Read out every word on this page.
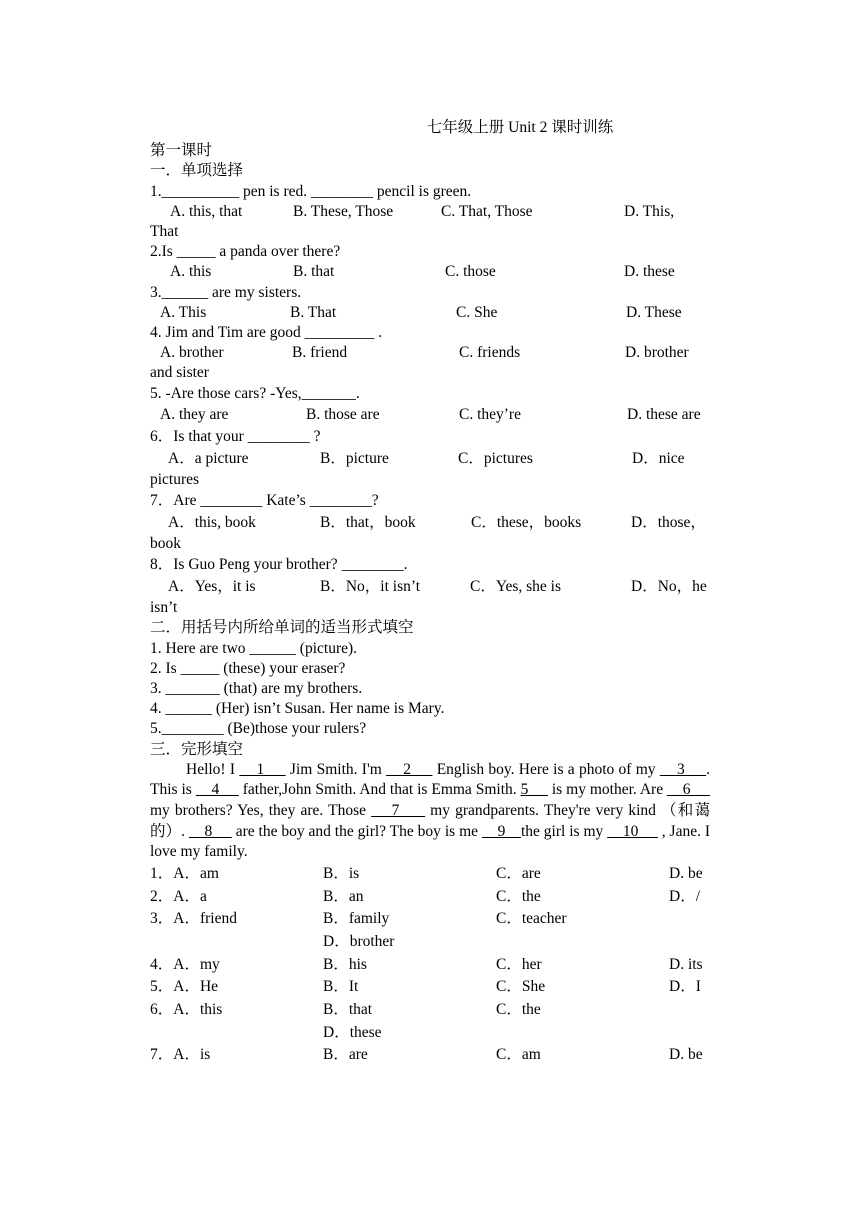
七年级上册 Unit 2 课时训练
第一课时
一．单项选择
1.__________ pen is red. ________ pencil is green.
A. this, that	B. These, Those	C. That, Those	D. This,
That
2.Is _____ a panda over there?
A. this	B. that	C. those	D. these
3.______ are my sisters.
A. This	B. That	C. She	D. These
4. Jim and Tim are good _________ .
A. brother	B. friend	C. friends	D. brother
and sister
5. -Are those cars? -Yes,_______.
A. they are	B. those are	C. they’re	D. these are
6．Is that your ________ ?
A．a picture	B．picture	C．pictures	D．nice
pictures
7．Are ________ Kate’s ________?
A．this, book	B．that，book	C．these，books	D．those，
book
8．Is Guo Peng your brother? ________.
A．Yes，it is	B．No，it isn’t	C．Yes, she is	D．No，he
isn’t
二．用括号内所给单词的适当形式填空
1. Here are two ______ (picture).
2. Is _____ (these) your eraser?
3. _______ (that) are my brothers.
4. ______ (Her) isn’t Susan. Her name is Mary.
5.________ (Be)those your rulers?
三．完形填空
Hello! I     1      Jim Smith. I'm     2      English boy. Here is a photo of my     3     . This is     4      father,John Smith. And that is Emma Smith. 5      is my mother. Are     6      my brothers? Yes, they are. Those     7      my grandparents. They're very kind （和蔼的）.     8      are the boy and the girl? The boy is me     9    the girl is my     10      , Jane. I love my family.
1．A．am	B．is	C．are	D. be
2．A．a	B．an	C．the	D．/
3．A．friend	B．family	C．teacher
D．brother
4．A．my	B．his	C．her	D. its
5．A．He	B．It	C．She	D．I
6．A．this	B．that	C．the
D．these
7．A．is	B．are	C．am	D. be
